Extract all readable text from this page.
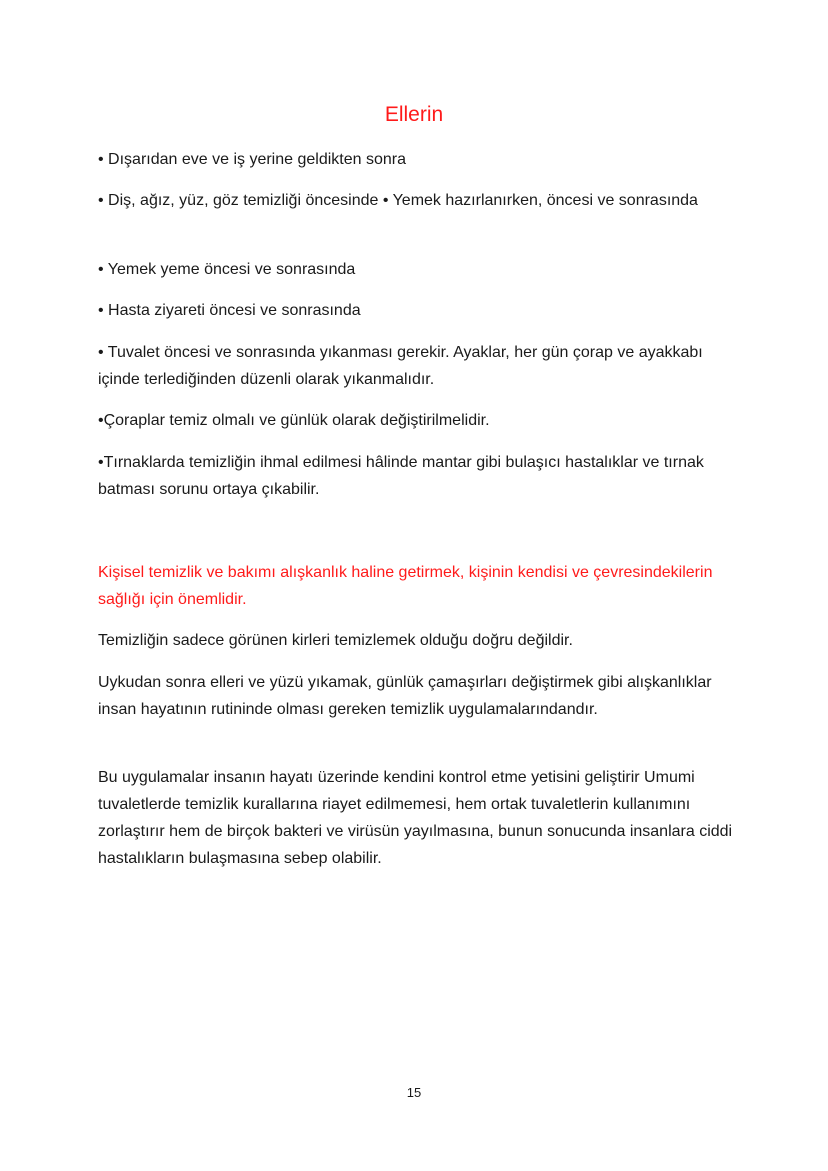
Ellerin

• Dışarıdan eve ve iş yerine geldikten sonra

• Diş, ağız, yüz, göz temizliği öncesinde • Yemek hazırlanırken, öncesi ve sonrasında

• Yemek yeme öncesi ve sonrasında

• Hasta ziyareti öncesi ve sonrasında

• Tuvalet öncesi ve sonrasında yıkanması gerekir. Ayaklar, her gün çorap ve ayakkabı içinde terlediğinden düzenli olarak yıkanmalıdır.

•Çoraplar temiz olmalı ve günlük olarak değiştirilmelidir.

•Tırnaklarda temizliğin ihmal edilmesi hâlinde mantar gibi bulaşıcı hastalıklar ve tırnak batması sorunu ortaya çıkabilir.

Kişisel temizlik ve bakımı alışkanlık haline getirmek, kişinin kendisi ve çevresindekilerin sağlığı için önemlidir.

Temizliğin sadece görünen kirleri temizlemek olduğu doğru değildir.

Uykudan sonra elleri ve yüzü yıkamak, günlük çamaşırları değiştirmek gibi alışkanlıklar insan hayatının rutininde olması gereken temizlik uygulamalarındandır.

Bu uygulamalar insanın hayatı üzerinde kendini kontrol etme yetisini geliştirir Umumi tuvaletlerde temizlik kurallarına riayet edilmemesi, hem ortak tuvaletlerin kullanımını zorlaştırır hem de birçok bakteri ve virüsün yayılmasına, bunun sonucunda insanlara ciddi hastalıkların bulaşmasına sebep olabilir.

15
